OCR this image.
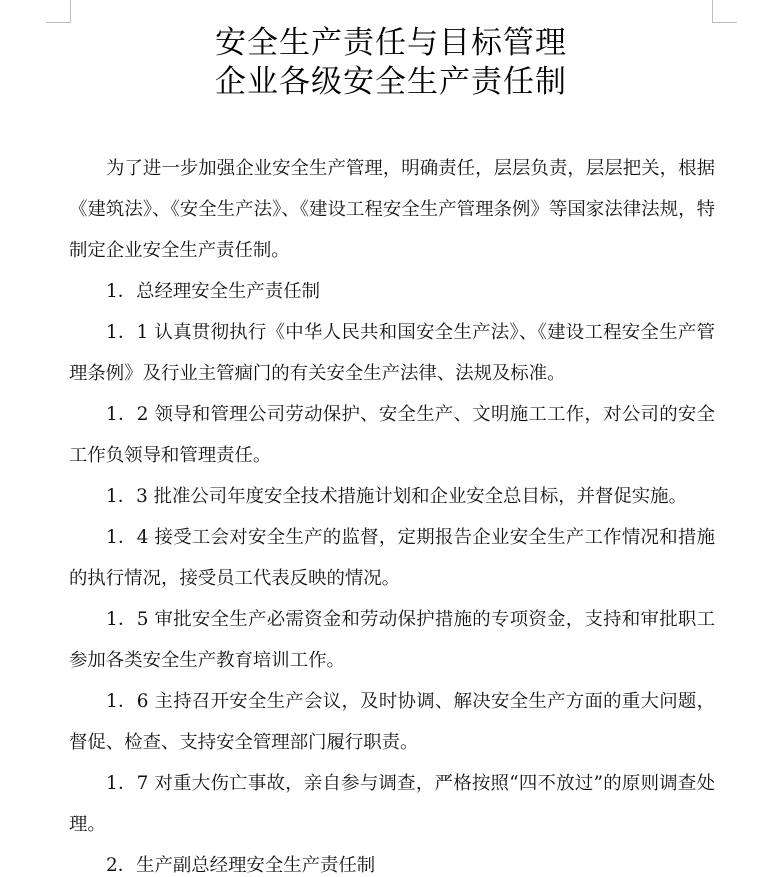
安全生产责任与目标管理
企业各级安全生产责任制

为了进一步加强企业安全生产管理，明确责任，层层负责，层层把关，根据《建筑法》、《安全生产法》、《建设工程安全生产管理条例》等国家法律法规，特制定企业安全生产责任制。

1．总经理安全生产责任制

1．1 认真贯彻执行《中华人民共和国安全生产法》、《建设工程安全生产管理条例》及行业主管痼门的有关安全生产法律、法规及标准。

1．2 领导和管理公司劳动保护、安全生产、文明施工工作，对公司的安全工作负领导和管理责任。

1．3 批准公司年度安全技术措施计划和企业安全总目标，并督促实施。

1．4 接受工会对安全生产的监督，定期报告企业安全生产工作情况和措施的执行情况，接受员工代表反映的情况。

1．5 审批安全生产必需资金和劳动保护措施的专项资金，支持和审批职工参加各类安全生产教育培训工作。

1．6 主持召开安全生产会议，及时协调、解决安全生产方面的重大问题，督促、检查、支持安全管理部门履行职责。

1．7 对重大伤亡事故，亲自参与调查，严格按照“四不放过”的原则调查处理。

2．生产副总经理安全生产责任制
